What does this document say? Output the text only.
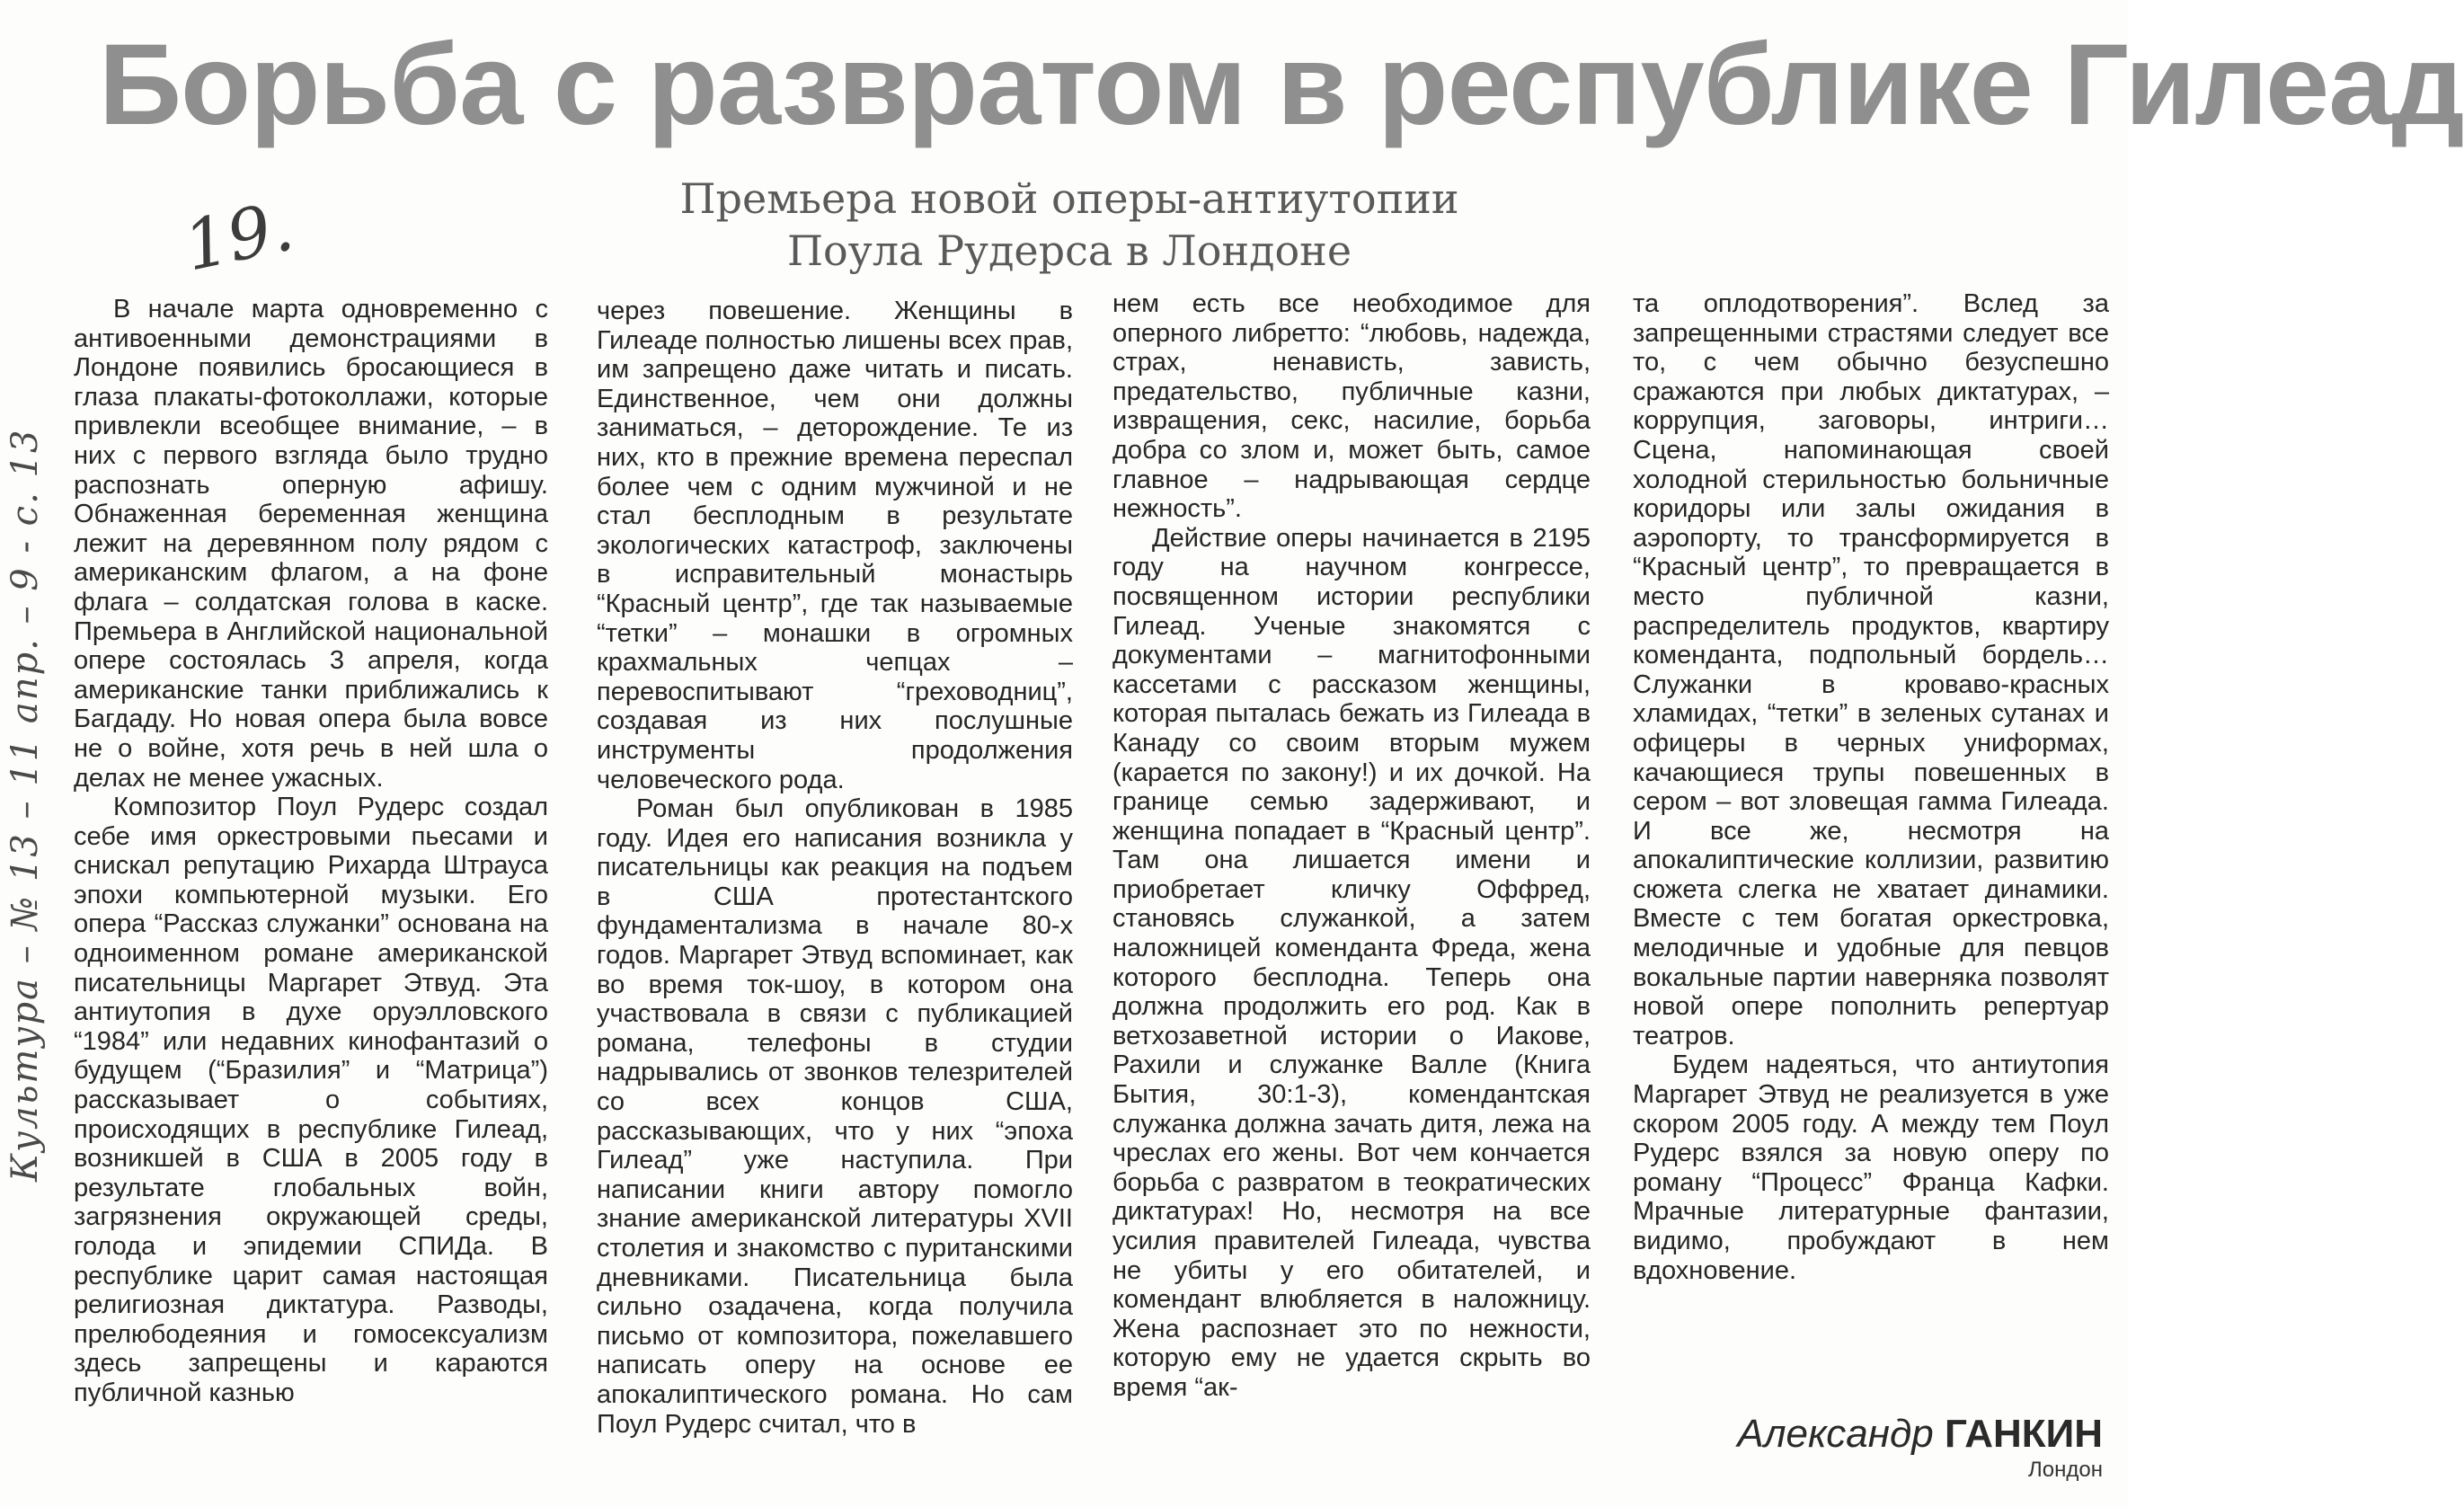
Культура – № 13 – 11 апр. – 9 - с. 13
19.
Борьба с развратом в республике Гилеад
Премьера новой оперы-антиутопии
Поула Рудерса в Лондоне

В начале марта одновременно с антивоенными демонстрациями в Лондоне появились бросающиеся в глаза плакаты-фотоколлажи, которые привлекли всеобщее внимание, – в них с первого взгляда было трудно распознать оперную афишу. Обнаженная беременная женщина лежит на деревянном полу рядом с американским флагом, а на фоне флага – солдатская голова в каске. Премьера в Английской национальной опере состоялась 3 апреля, когда американские танки приближались к Багдаду. Но новая опера была вовсе не о войне, хотя речь в ней шла о делах не менее ужасных.

Композитор Поул Рудерс создал себе имя оркестровыми пьесами и снискал репутацию Рихарда Штрауса эпохи компьютерной музыки. Его опера “Рассказ служанки” основана на одноименном романе американской писательницы Маргарет Этвуд. Эта антиутопия в духе оруэлловского “1984” или недавних кинофантазий о будущем (“Бразилия” и “Матрица”) рассказывает о событиях, происходящих в республике Гилеад, возникшей в США в 2005 году в результате глобальных войн, загрязнения окружающей среды, голода и эпидемии СПИДа. В республике царит самая настоящая религиозная диктатура. Разводы, прелюбодеяния и гомосексуализм здесь запрещены и караются публичной казнью

через повешение. Женщины в Гилеаде полностью лишены всех прав, им запрещено даже читать и писать. Единственное, чем они должны заниматься, – деторождение. Те из них, кто в прежние времена переспал более чем с одним мужчиной и не стал бесплодным в результате экологических катастроф, заключены в исправительный монастырь “Красный центр”, где так называемые “тетки” – монашки в огромных крахмальных чепцах – перевоспитывают “греховодниц”, создавая из них послушные инструменты продолжения человеческого рода.

Роман был опубликован в 1985 году. Идея его написания возникла у писательницы как реакция на подъем в США протестантского фундаментализма в начале 80-х годов. Маргарет Этвуд вспоминает, как во время ток-шоу, в котором она участвовала в связи с публикацией романа, телефоны в студии надрывались от звонков телезрителей со всех концов США, рассказывающих, что у них “эпоха Гилеад” уже наступила. При написании книги автору помогло знание американской литературы XVII столетия и знакомство с пуританскими дневниками. Писательница была сильно озадачена, когда получила письмо от композитора, пожелавшего написать оперу на основе ее апокалиптического романа. Но сам Поул Рудерс считал, что в

нем есть все необходимое для оперного либретто: “любовь, надежда, страх, ненависть, зависть, предательство, публичные казни, извращения, секс, насилие, борьба добра со злом и, может быть, самое главное – надрывающая сердце нежность”.

Действие оперы начинается в 2195 году на научном конгрессе, посвященном истории республики Гилеад. Ученые знакомятся с документами – магнитофонными кассетами с рассказом женщины, которая пыталась бежать из Гилеада в Канаду со своим вторым мужем (карается по закону!) и их дочкой. На границе семью задерживают, и женщина попадает в “Красный центр”. Там она лишается имени и приобретает кличку Оффред, становясь служанкой, а затем наложницей коменданта Фреда, жена которого бесплодна. Теперь она должна продолжить его род. Как в ветхозаветной истории о Иакове, Рахили и служанке Валле (Книга Бытия, 30:1-3), комендантская служанка должна зачать дитя, лежа на чреслах его жены. Вот чем кончается борьба с развратом в теократических диктатурах! Но, несмотря на все усилия правителей Гилеада, чувства не убиты у его обитателей, и комендант влюбляется в наложницу. Жена распознает это по нежности, которую ему не удается скрыть во время “ак-

та оплодотворения”. Вслед за запрещенными страстями следует все то, с чем обычно безуспешно сражаются при любых диктатурах, – коррупция, заговоры, интриги… Сцена, напоминающая своей холодной стерильностью больничные коридоры или залы ожидания в аэропорту, то трансформируется в “Красный центр”, то превращается в место публичной казни, распределитель продуктов, квартиру коменданта, подпольный бордель… Служанки в кроваво-красных хламидах, “тетки” в зеленых сутанах и офицеры в черных униформах, качающиеся трупы повешенных в сером – вот зловещая гамма Гилеада. И все же, несмотря на апокалиптические коллизии, развитию сюжета слегка не хватает динамики. Вместе с тем богатая оркестровка, мелодичные и удобные для певцов вокальные партии наверняка позволят новой опере пополнить репертуар театров.

Будем надеяться, что антиутопия Маргарет Этвуд не реализуется в уже скором 2005 году. А между тем Поул Рудерс взялся за новую оперу по роману “Процесс” Франца Кафки. Мрачные литературные фантазии, видимо, пробуждают в нем вдохновение.

Александр ГАНКИН
Лондон
